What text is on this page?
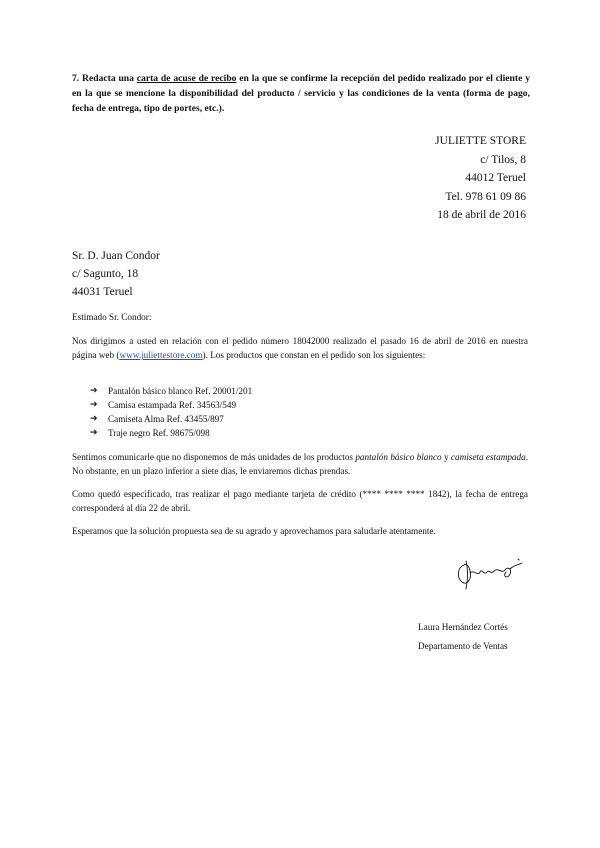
7. Redacta una carta de acuse de recibo en la que se confirme la recepción del pedido realizado por el cliente y en la que se mencione la disponibilidad del producto / servicio y las condiciones de la venta (forma de pago, fecha de entrega, tipo de portes, etc.).
JULIETTE STORE
c/ Tilos, 8
44012 Teruel
Tel. 978 61 09 86
18 de abril de 2016
Sr. D. Juan Condor
c/ Sagunto, 18
44031 Teruel
Estimado Sr. Condor:
Nos dirigimos a usted en relación con el pedido número 18042000 realizado el pasado 16 de abril de 2016 en nuestra página web (www.juliettestore.com). Los productos que constan en el pedido son los siguientes:
➔	Pantalón básico blanco Ref. 20001/201
➔	Camisa estampada Ref. 34563/549
➔	Camiseta Alma Ref. 43455/897
➔	Traje negro Ref. 98675/098
Sentimos comunicarle que no disponemos de más unidades de los productos pantalón básico blanco y camiseta estampada. No obstante, en un plazo inferior a siete días, le enviaremos dichas prendas.
Como quedó especificado, tras realizar el pago mediante tarjeta de crédito (**** **** **** 1842), la fecha de entrega corresponderá al día 22 de abril.
Esperamos que la solución propuesta sea de su agrado y aprovechamos para saludarle atentamente.
Laura Hernández Cortés
Departamento de Ventas
